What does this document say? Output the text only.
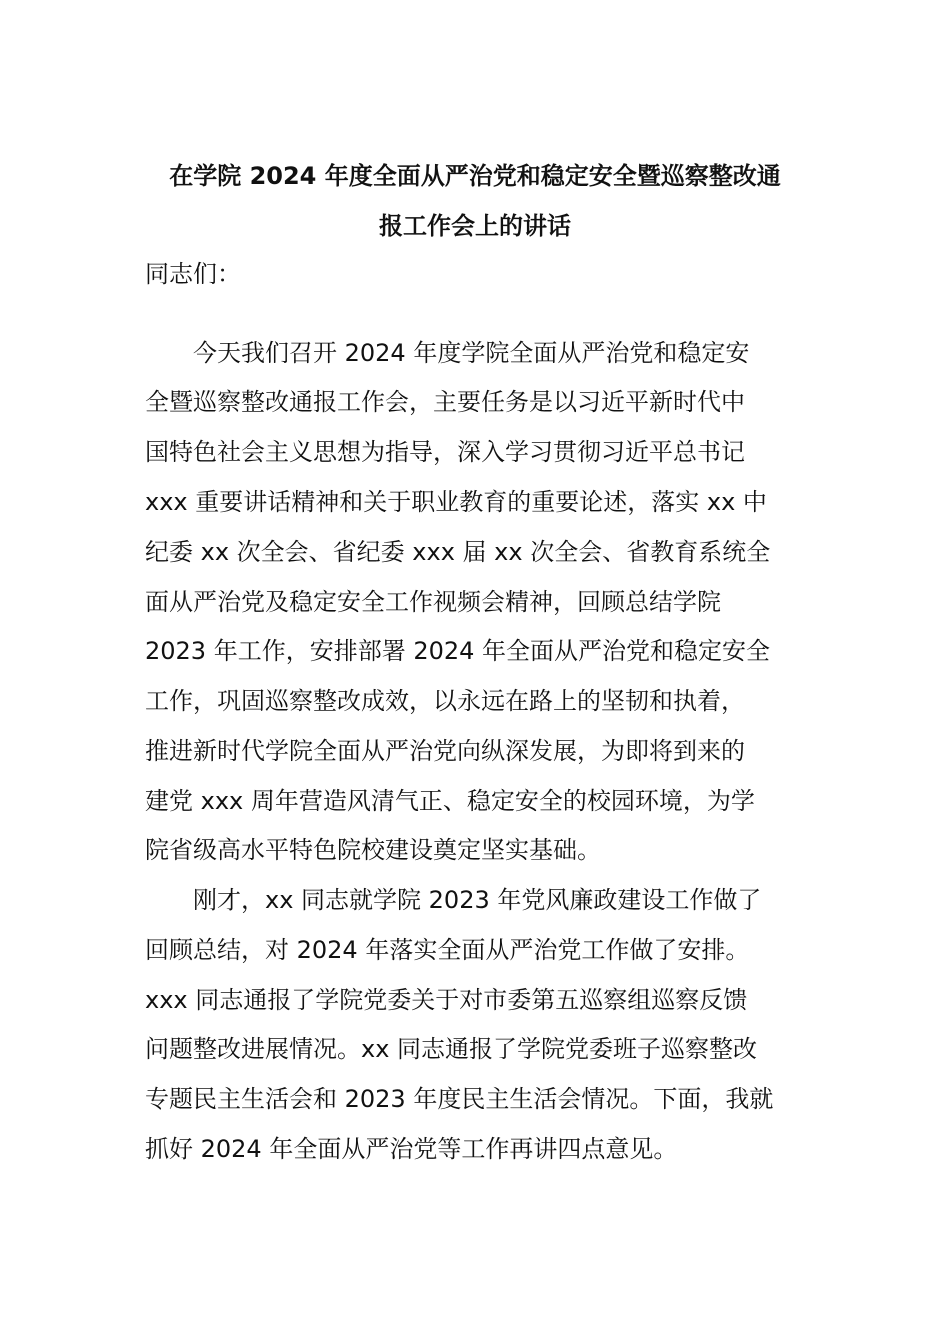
在学院 2024 年度全面从严治党和稳定安全暨巡察整改通
报工作会上的讲话
同志们：
今天我们召开 2024 年度学院全面从严治党和稳定安
全暨巡察整改通报工作会，主要任务是以习近平新时代中
国特色社会主义思想为指导，深入学习贯彻习近平总书记
xxx 重要讲话精神和关于职业教育的重要论述，落实 xx 中
纪委 xx 次全会、省纪委 xxx 届 xx 次全会、省教育系统全
面从严治党及稳定安全工作视频会精神，回顾总结学院
2023 年工作，安排部署 2024 年全面从严治党和稳定安全
工作，巩固巡察整改成效，以永远在路上的坚韧和执着，
推进新时代学院全面从严治党向纵深发展，为即将到来的
建党 xxx 周年营造风清气正、稳定安全的校园环境，为学
院省级高水平特色院校建设奠定坚实基础。
刚才，xx 同志就学院 2023 年党风廉政建设工作做了
回顾总结，对 2024 年落实全面从严治党工作做了安排。
xxx 同志通报了学院党委关于对市委第五巡察组巡察反馈
问题整改进展情况。xx 同志通报了学院党委班子巡察整改
专题民主生活会和 2023 年度民主生活会情况。下面，我就
抓好 2024 年全面从严治党等工作再讲四点意见。
